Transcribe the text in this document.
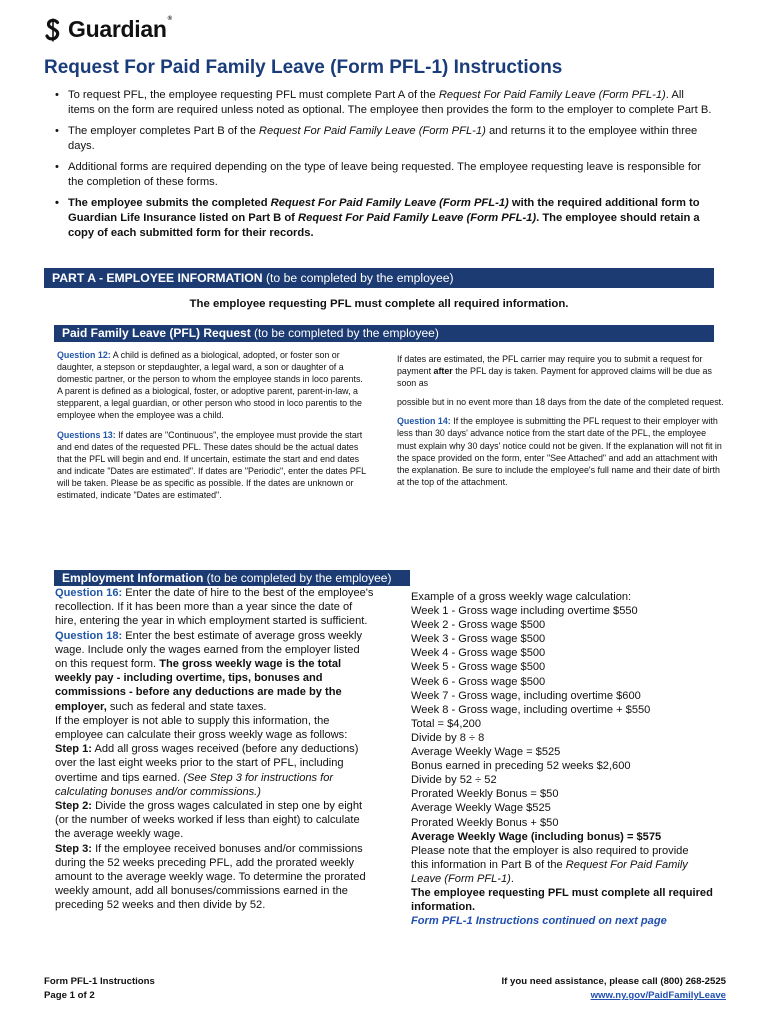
Guardian®
Request For Paid Family Leave (Form PFL-1) Instructions
• To request PFL, the employee requesting PFL must complete Part A of the Request For Paid Family Leave (Form PFL-1). All items on the form are required unless noted as optional. The employee then provides the form to the employer to complete Part B.
• The employer completes Part B of the Request For Paid Family Leave (Form PFL-1) and returns it to the employee within three days.
• Additional forms are required depending on the type of leave being requested. The employee requesting leave is responsible for the completion of these forms.
• The employee submits the completed Request For Paid Family Leave (Form PFL-1) with the required additional form to Guardian Life Insurance listed on Part B of Request For Paid Family Leave (Form PFL-1). The employee should retain a copy of each submitted form for their records.
PART A - EMPLOYEE INFORMATION (to be completed by the employee)
The employee requesting PFL must complete all required information.
Paid Family Leave (PFL) Request (to be completed by the employee)

Question 12: A child is defined as a biological, adopted, or foster son or daughter, a stepson or stepdaughter, a legal ward, a son or daughter of a domestic partner, or the person to whom the employee stands in loco parents. A parent is defined as a biological, foster, or adoptive parent, parent-in-law, a stepparent, a legal guardian, or other person who stood in loco parentis to the employee when the employee was a child.

Questions 13: If dates are "Continuous", the employee must provide the start and end dates of the requested PFL. These dates should be the actual dates that the PFL will begin and end. If uncertain, estimate the start and end dates and indicate "Dates are estimated". If dates are "Periodic", enter the dates PFL will be taken. Please be as specific as possible. If the dates are unknown or estimated, indicate "Dates are estimated".

If dates are estimated, the PFL carrier may require you to submit a request for payment after the PFL day is taken. Payment for approved claims will be due as soon as

possible but in no event more than 18 days from the date of the completed request.

Question 14: If the employee is submitting the PFL request to their employer with less than 30 days' advance notice from the start date of the PFL, the employee must explain why 30 days' notice could not be given. If the explanation will not fit in the space provided on the form, enter "See Attached" and add an attachment with the explanation. Be sure to include the employee's full name and their date of birth at the top of the attachment.

Employment Information (to be completed by the employee)

Question 16: Enter the date of hire to the best of the employee's recollection. If it has been more than a year since the date of hire, entering the year in which employment started is sufficient.

Question 18: Enter the best estimate of average gross weekly wage. Include only the wages earned from the employer listed on this request form. The gross weekly wage is the total weekly pay - including overtime, tips, bonuses and commissions - before any deductions are made by the employer, such as federal and state taxes.

If the employer is not able to supply this information, the employee can calculate their gross weekly wage as follows:

Step 1: Add all gross wages received (before any deductions) over the last eight weeks prior to the start of PFL, including overtime and tips earned. (See Step 3 for instructions for calculating bonuses and/or commissions.)

Step 2: Divide the gross wages calculated in step one by eight (or the number of weeks worked if less than eight) to calculate the average weekly wage.

Step 3: If the employee received bonuses and/or commissions during the 52 weeks preceding PFL, add the prorated weekly amount to the average weekly wage. To determine the prorated weekly amount, add all bonuses/commissions earned in the preceding 52 weeks and then divide by 52.

Example of a gross weekly wage calculation:
Week 1 - Gross wage including overtime $550
Week 2 - Gross wage $500
Week 3 - Gross wage $500
Week 4 - Gross wage $500
Week 5 - Gross wage $500
Week 6 - Gross wage $500
Week 7 - Gross wage, including overtime $600
Week 8 - Gross wage, including overtime + $550
Total = $4,200
Divide by 8 ÷ 8
Average Weekly Wage = $525
Bonus earned in preceding 52 weeks $2,600
Divide by 52 ÷ 52
Prorated Weekly Bonus = $50
Average Weekly Wage $525
Prorated Weekly Bonus + $50

Average Weekly Wage (including bonus) = $575

Please note that the employer is also required to provide
this information in Part B of the Request For Paid Family Leave (Form PFL-1).

The employee requesting PFL must complete all required information.

Form PFL-1 Instructions continued on next page

Form PFL-1 Instructions
Page 1 of 2
If you need assistance, please call (800) 268-2525
www.ny.gov/PaidFamilyLeave
